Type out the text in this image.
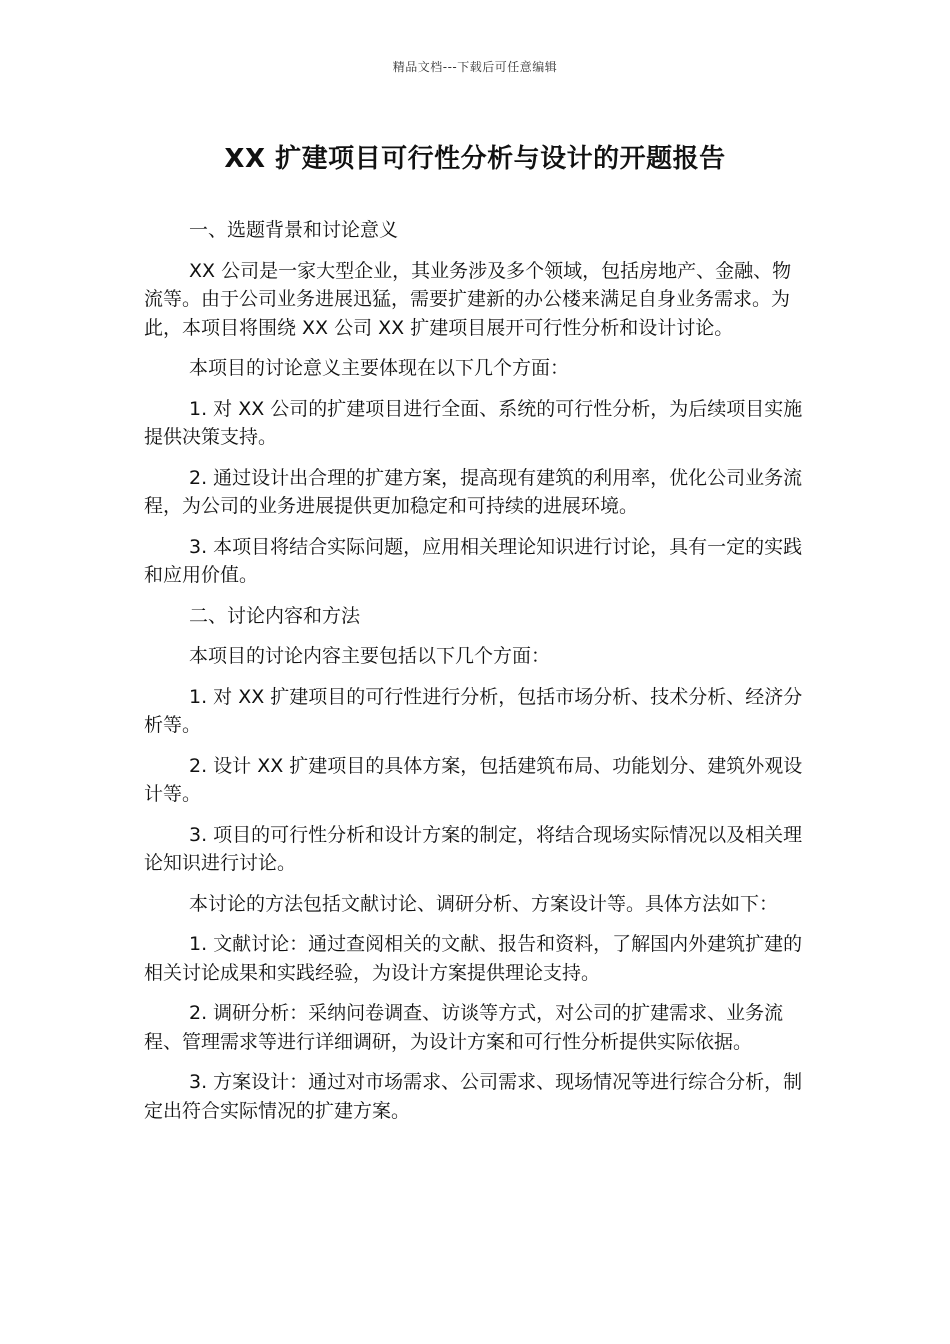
精品文档---下载后可任意编辑
XX 扩建项目可行性分析与设计的开题报告

一、选题背景和讨论意义

XX 公司是一家大型企业，其业务涉及多个领域，包括房地产、金融、物流等。由于公司业务进展迅猛，需要扩建新的办公楼来满足自身业务需求。为此，本项目将围绕 XX 公司 XX 扩建项目展开可行性分析和设计讨论。

本项目的讨论意义主要体现在以下几个方面：

1. 对 XX 公司的扩建项目进行全面、系统的可行性分析，为后续项目实施提供决策支持。

2. 通过设计出合理的扩建方案，提高现有建筑的利用率，优化公司业务流程，为公司的业务进展提供更加稳定和可持续的进展环境。

3. 本项目将结合实际问题，应用相关理论知识进行讨论，具有一定的实践和应用价值。

二、讨论内容和方法

本项目的讨论内容主要包括以下几个方面：

1. 对 XX 扩建项目的可行性进行分析，包括市场分析、技术分析、经济分析等。

2. 设计 XX 扩建项目的具体方案，包括建筑布局、功能划分、建筑外观设计等。

3. 项目的可行性分析和设计方案的制定，将结合现场实际情况以及相关理论知识进行讨论。

本讨论的方法包括文献讨论、调研分析、方案设计等。具体方法如下：

1. 文献讨论：通过查阅相关的文献、报告和资料，了解国内外建筑扩建的相关讨论成果和实践经验，为设计方案提供理论支持。

2. 调研分析：采纳问卷调查、访谈等方式，对公司的扩建需求、业务流程、管理需求等进行详细调研，为设计方案和可行性分析提供实际依据。

3. 方案设计：通过对市场需求、公司需求、现场情况等进行综合分析，制定出符合实际情况的扩建方案。
